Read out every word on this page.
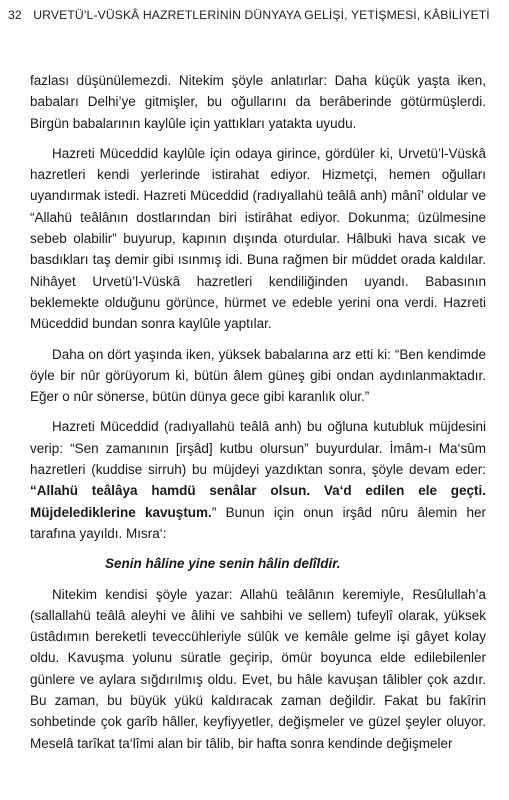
32 URVETÜ’L-VÜSKÂ HAZRETLERİNİN DÜNYAYA GELİŞİ, YETİŞMESİ, KÂBİLİYETİ

fazlası düşünülemezdi. Nitekim şöyle anlatırlar: Daha küçük yaşta iken, babaları Delhi’ye gitmişler, bu oğullarını da berâberinde götürmüşlerdi. Birgün babalarının kaylûle için yattıkları yatakta uyudu.

Hazreti Müceddid kaylûle için odaya girince, gördüler ki, Urvetü’l-Vüskâ hazretleri kendi yerlerinde istirahat ediyor. Hizmetçi, hemen oğulları uyandırmak istedi. Hazreti Müceddid (radıyallahü teâlâ anh) mânî’ oldular ve “Allahü teâlânın dostlarından biri istirâhat ediyor. Dokunma; üzülmesine sebeb olabilir” buyurup, kapının dışında oturdular. Hâlbuki hava sıcak ve basdıkları taş demir gibi ısınmış idi. Buna rağmen bir müddet orada kaldılar. Nihâyet Urvetü’l-Vüskâ hazretleri kendiliğinden uyandı. Babasının beklemekte olduğunu görünce, hürmet ve edeble yerini ona verdi. Hazreti Müceddid bundan sonra kaylûle yaptılar.

Daha on dört yaşında iken, yüksek babalarına arz etti ki: “Ben kendimde öyle bir nûr görüyorum ki, bütün âlem güneş gibi ondan aydınlanmaktadır. Eğer o nûr sönerse, bütün dünya gece gibi karanlık olur.”

Hazreti Müceddid (radıyallahü teâlâ anh) bu oğluna kutubluk müjdesini verip: “Sen zamanının [irşâd] kutbu olursun” buyurdular. İmâm-ı Ma‘sûm hazretleri (kuddise sirruh) bu müjdeyi yazdıktan sonra, şöyle devam eder: “Allahü teâlâya hamdü senâlar olsun. Va‘d edilen ele geçti. Müjdelediklerine kavuştum.” Bunun için onun irşâd nûru âlemin her tarafına yayıldı. Mısra‘:

Senin hâline yine senin hâlin delîldir.

Nitekim kendisi şöyle yazar: Allahü teâlânın keremiyle, Resûlullah’a (sallallahü teâlâ aleyhi ve âlihi ve sahbihi ve sellem) tufeylî olarak, yüksek üstâdımın bereketli teveccühleriyle sülûk ve kemâle gelme işi gâyet kolay oldu. Kavuşma yolunu süratle geçirip, ömür boyunca elde edilebilenler günlere ve aylara sığdırılmış oldu. Evet, bu hâle kavuşan tâlibler çok azdır. Bu zaman, bu büyük yükü kaldıracak zaman değildir. Fakat bu fakîrin sohbetinde çok garîb hâller, keyfiyyetler, değişmeler ve güzel şeyler oluyor. Meselâ tarîkat ta‘lîmi alan bir tâlib, bir hafta sonra kendinde değişmeler
